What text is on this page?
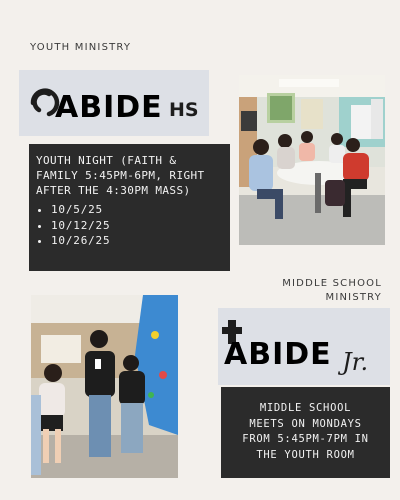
YOUTH MINISTRY
ABIDE HS
YOUTH NIGHT (FAITH & FAMILY 5:45PM-6PM, RIGHT AFTER THE 4:30PM MASS)
• 10/5/25
• 10/12/25
• 10/26/25
MIDDLE SCHOOL
MINISTRY
ABIDE Jr.
MIDDLE SCHOOL
MEETS ON MONDAYS
FROM 5:45PM-7PM IN
THE YOUTH ROOM
